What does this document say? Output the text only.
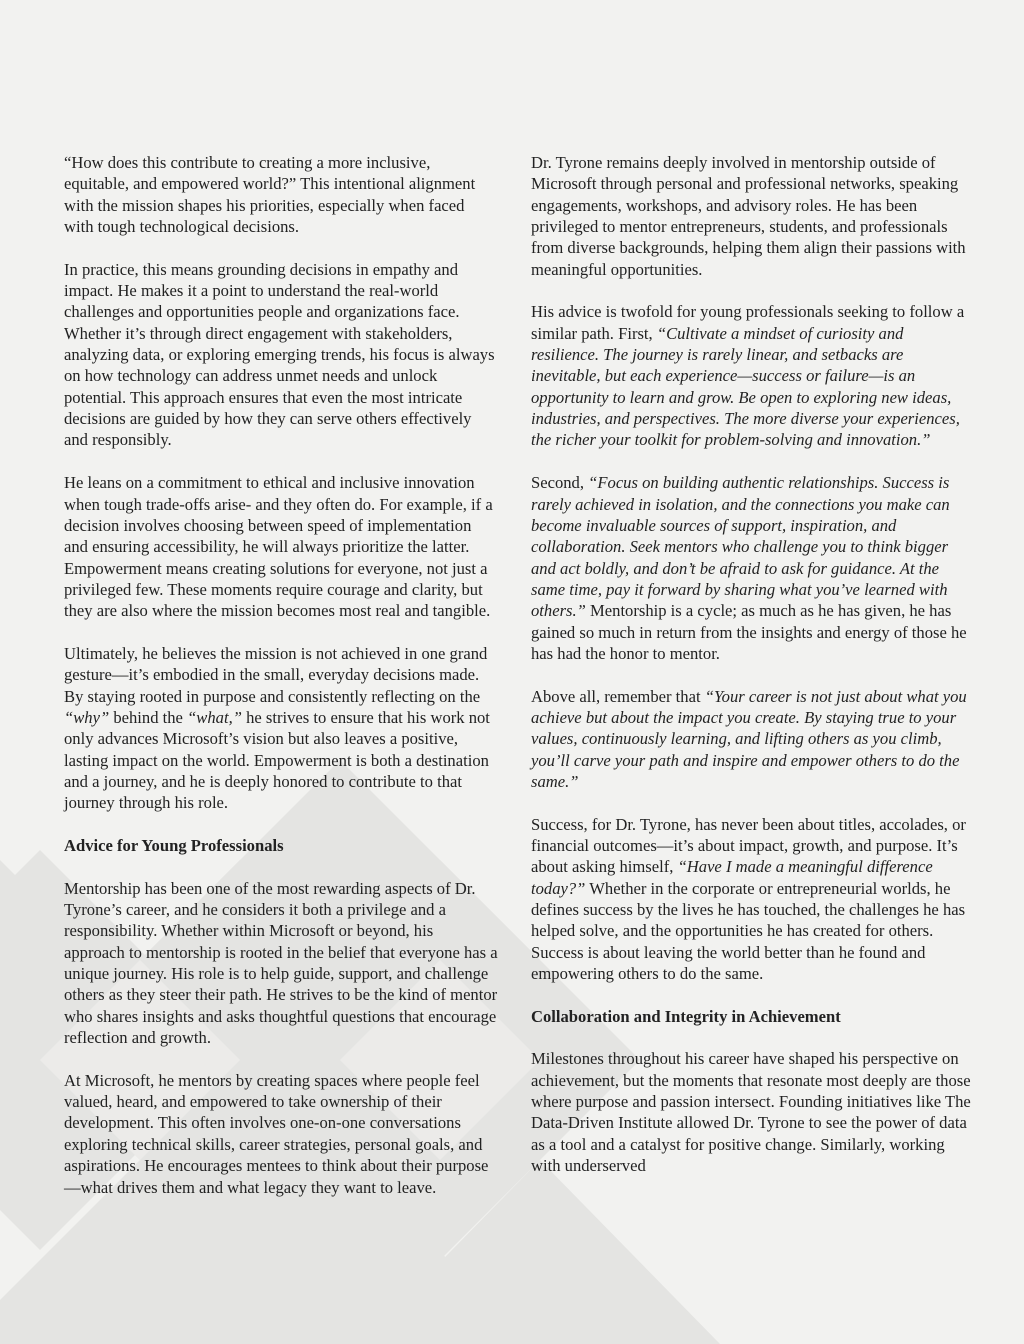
“How does this contribute to creating a more inclusive, equitable, and empowered world?” This intentional alignment with the mission shapes his priorities, especially when faced with tough technological decisions.

In practice, this means grounding decisions in empathy and impact. He makes it a point to understand the real-world challenges and opportunities people and organizations face. Whether it’s through direct engagement with stakeholders, analyzing data, or exploring emerging trends, his focus is always on how technology can address unmet needs and unlock potential. This approach ensures that even the most intricate decisions are guided by how they can serve others effectively and responsibly.

He leans on a commitment to ethical and inclusive innovation when tough trade-offs arise- and they often do. For example, if a decision involves choosing between speed of implementation and ensuring accessibility, he will always prioritize the latter. Empowerment means creating solutions for everyone, not just a privileged few. These moments require courage and clarity, but they are also where the mission becomes most real and tangible.

Ultimately, he believes the mission is not achieved in one grand gesture—it’s embodied in the small, everyday decisions made. By staying rooted in purpose and consistently reflecting on the “why” behind the “what,” he strives to ensure that his work not only advances Microsoft’s vision but also leaves a positive, lasting impact on the world. Empowerment is both a destination and a journey, and he is deeply honored to contribute to that journey through his role.

Advice for Young Professionals

Mentorship has been one of the most rewarding aspects of Dr. Tyrone’s career, and he considers it both a privilege and a responsibility. Whether within Microsoft or beyond, his approach to mentorship is rooted in the belief that everyone has a unique journey. His role is to help guide, support, and challenge others as they steer their path. He strives to be the kind of mentor who shares insights and asks thoughtful questions that encourage reflection and growth.

At Microsoft, he mentors by creating spaces where people feel valued, heard, and empowered to take ownership of their development. This often involves one-on-one conversations exploring technical skills, career strategies, personal goals, and aspirations. He encourages mentees to think about their purpose—what drives them and what legacy they want to leave.

Dr. Tyrone remains deeply involved in mentorship outside of Microsoft through personal and professional networks, speaking engagements, workshops, and advisory roles. He has been privileged to mentor entrepreneurs, students, and professionals from diverse backgrounds, helping them align their passions with meaningful opportunities.

His advice is twofold for young professionals seeking to follow a similar path. First, “Cultivate a mindset of curiosity and resilience. The journey is rarely linear, and setbacks are inevitable, but each experience—success or failure—is an opportunity to learn and grow. Be open to exploring new ideas, industries, and perspectives. The more diverse your experiences, the richer your toolkit for problem-solving and innovation.”

Second, “Focus on building authentic relationships. Success is rarely achieved in isolation, and the connections you make can become invaluable sources of support, inspiration, and collaboration. Seek mentors who challenge you to think bigger and act boldly, and don’t be afraid to ask for guidance. At the same time, pay it forward by sharing what you’ve learned with others.” Mentorship is a cycle; as much as he has given, he has gained so much in return from the insights and energy of those he has had the honor to mentor.

Above all, remember that “Your career is not just about what you achieve but about the impact you create. By staying true to your values, continuously learning, and lifting others as you climb, you’ll carve your path and inspire and empower others to do the same.”

Success, for Dr. Tyrone, has never been about titles, accolades, or financial outcomes—it’s about impact, growth, and purpose. It’s about asking himself, “Have I made a meaningful difference today?” Whether in the corporate or entrepreneurial worlds, he defines success by the lives he has touched, the challenges he has helped solve, and the opportunities he has created for others. Success is about leaving the world better than he found and empowering others to do the same.

Collaboration and Integrity in Achievement

Milestones throughout his career have shaped his perspective on achievement, but the moments that resonate most deeply are those where purpose and passion intersect. Founding initiatives like The Data-Driven Institute allowed Dr. Tyrone to see the power of data as a tool and a catalyst for positive change. Similarly, working with underserved
